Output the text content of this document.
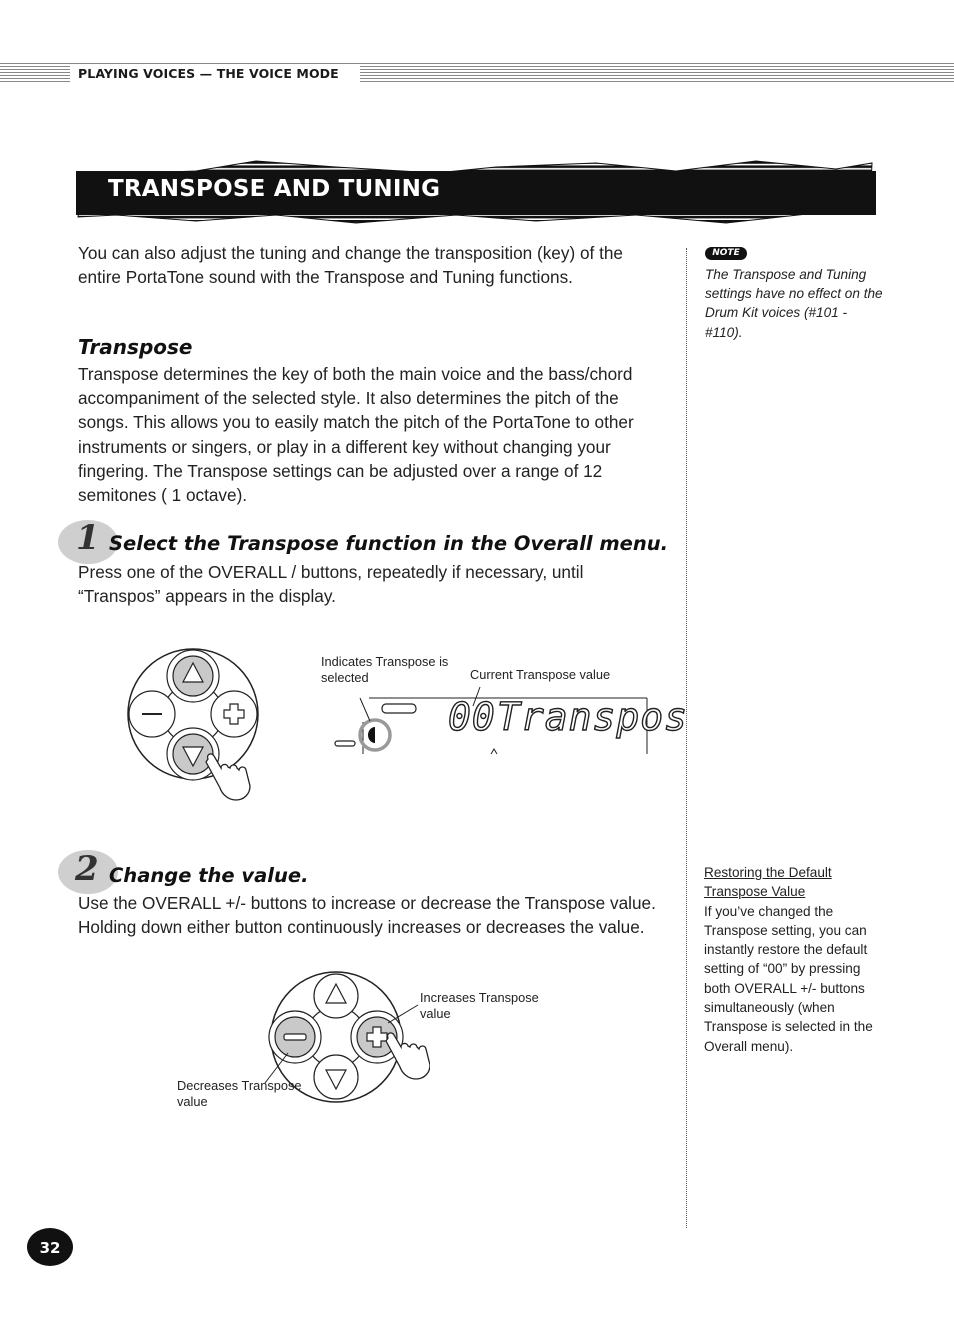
PLAYING VOICES — THE VOICE MODE
TRANSPOSE AND TUNING
You can also adjust the tuning and change the transposition (key) of the entire PortaTone sound with the Transpose and Tuning functions.
Transpose
Transpose determines the key of both the main voice and the bass/chord accompaniment of the selected style. It also determines the pitch of the songs. This allows you to easily match the pitch of the PortaTone to other instruments or singers, or play in a different key without changing your fingering. The Transpose settings can be adjusted over a range of 12 semitones ( 1 octave).
1 Select the Transpose function in the Overall menu.
Press one of the OVERALL / buttons, repeatedly if necessary, until “Transpos” appears in the display.
Indicates Transpose is selected	Current Transpose value
00 Transpos
2 Change the value.
Use the OVERALL +/- buttons to increase or decrease the Transpose value. Holding down either button continuously increases or decreases the value.
Increases Transpose value
Decreases Transpose value
NOTE
The Transpose and Tuning settings have no effect on the Drum Kit voices (#101 - #110).
Restoring the Default Transpose Value
If you’ve changed the Transpose setting, you can instantly restore the default setting of “00” by pressing both OVERALL +/- buttons simultaneously (when Transpose is selected in the Overall menu).
32
